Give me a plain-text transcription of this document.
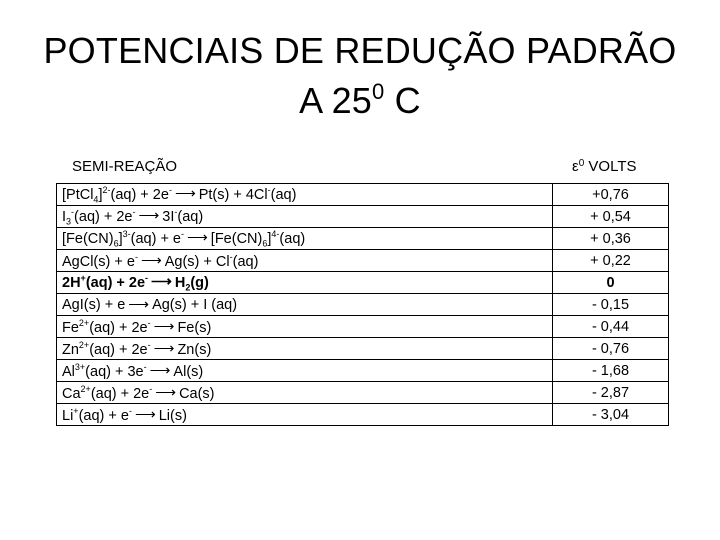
POTENCIAIS DE REDUÇÃO PADRÃO
A $25^0$ C
SEMI-REAÇÃO	$\varepsilon^0$ VOLTS
[PtCl$_4$]$^{2-}$(aq) + 2e- ⟶ Pt(s) + 4Cl-(aq)	+0,76
$I_3^-(aq) + 2e^-$ ⟶ 3I-(aq)	+ 0,54
$[Fe(CN)_6]^{3-}(aq) + e^-$ ⟶ $[Fe(CN)_6]^{4-}(aq)$	+ 0,36
AgCl(s) + e- ⟶ Ag(s) + Cl-(aq)	+ 0,22
2H+(aq) + 2e- ⟶ $H_2(g)$	0
AgI(s) + e ⟶ Ag(s) + I (aq)	- 0,15
$Fe^{2+}(aq) + 2e^-$ ⟶ Fe(s)	- 0,44
$Zn^{2+}(aq) + 2e^-$ ⟶ Zn(s)	- 0,76
$Al^{3+}(aq) + 3e^-$ ⟶ Al(s)	- 1,68
$Ca^{2+}(aq) + 2e^-$ ⟶ Ca(s)	- 2,87
Li+(aq) + e- ⟶ Li(s)	- 3,04
